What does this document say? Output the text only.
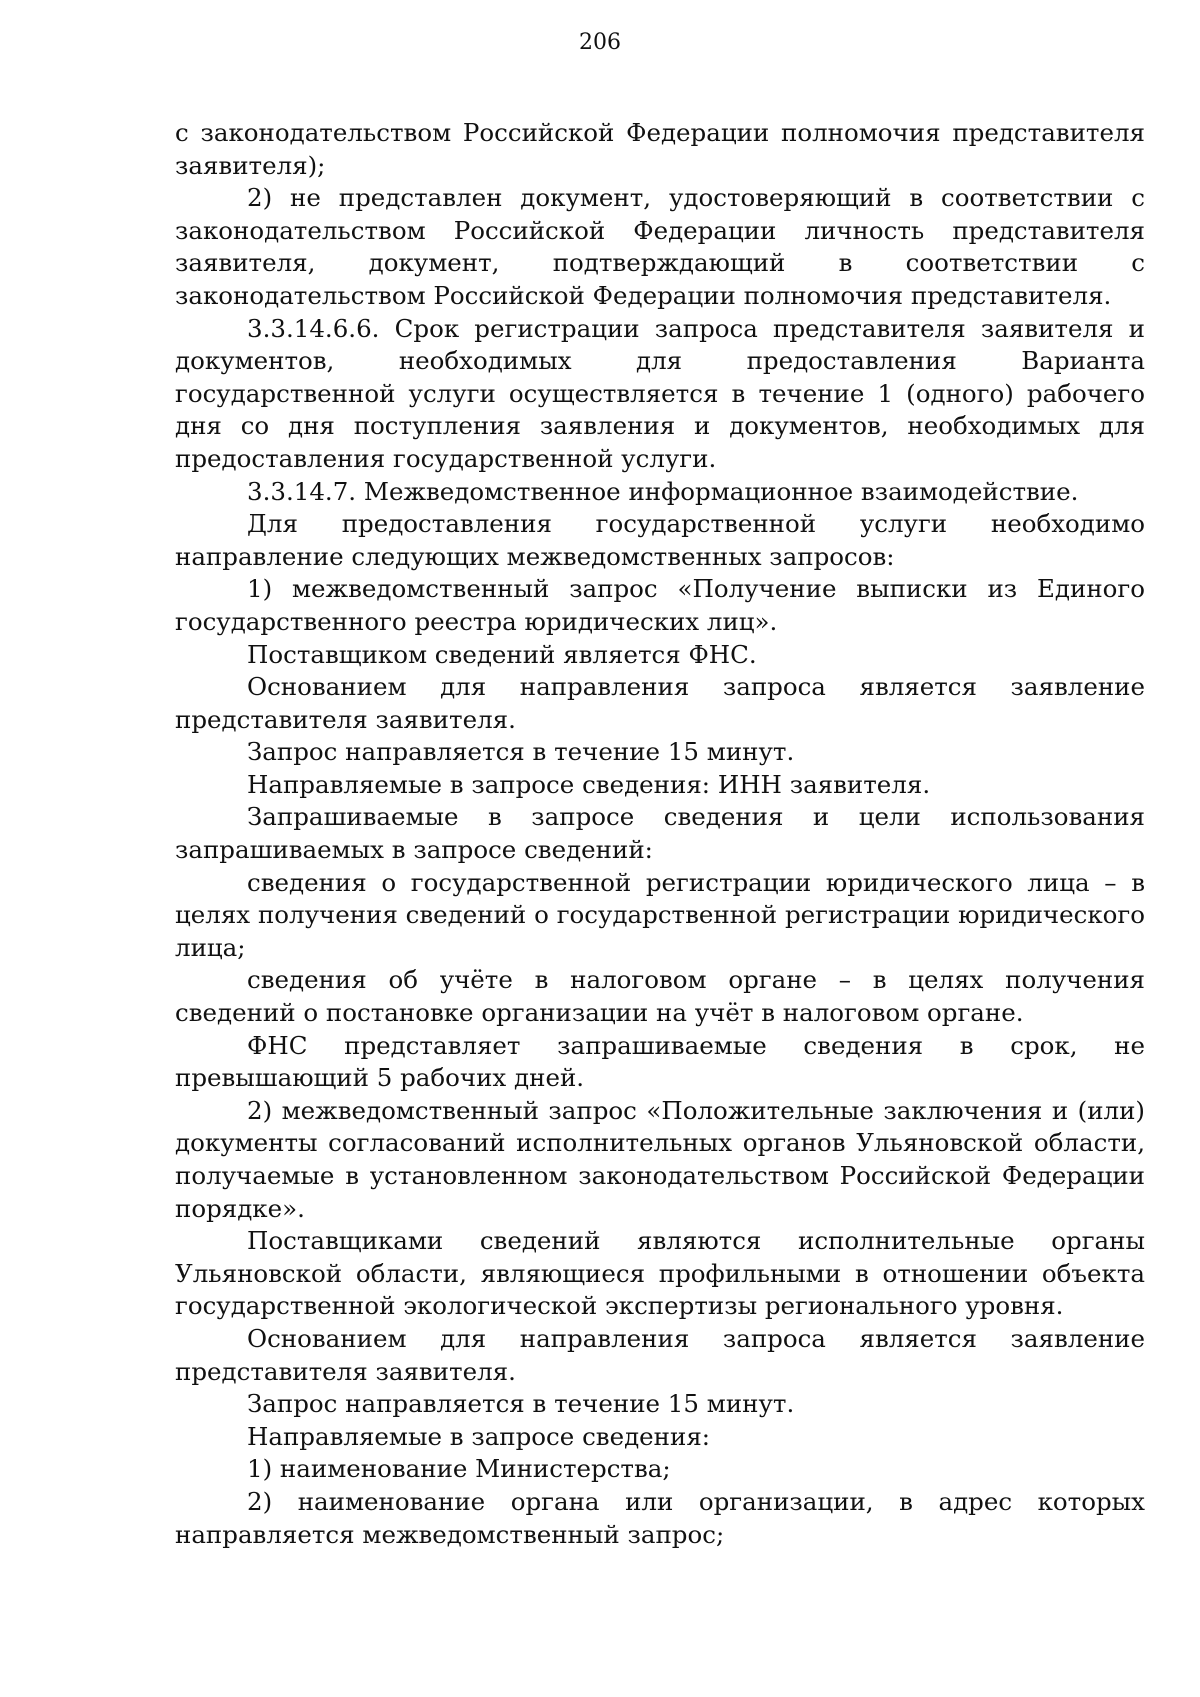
206

с законодательством Российской Федерации полномочия представителя заявителя);

2) не представлен документ, удостоверяющий в соответствии с законодательством Российской Федерации личность представителя заявителя, документ, подтверждающий в соответствии с законодательством Российской Федерации полномочия представителя.

3.3.14.6.6. Срок регистрации запроса представителя заявителя и документов, необходимых для предоставления Варианта государственной услуги осуществляется в течение 1 (одного) рабочего дня со дня поступления заявления и документов, необходимых для предоставления государственной услуги.

3.3.14.7. Межведомственное информационное взаимодействие.

Для предоставления государственной услуги необходимо направление следующих межведомственных запросов:

1) межведомственный запрос «Получение выписки из Единого государственного реестра юридических лиц».

Поставщиком сведений является ФНС.

Основанием для направления запроса является заявление представителя заявителя.

Запрос направляется в течение 15 минут.

Направляемые в запросе сведения: ИНН заявителя.

Запрашиваемые в запросе сведения и цели использования запрашиваемых в запросе сведений:

сведения о государственной регистрации юридического лица – в целях получения сведений о государственной регистрации юридического лица;

сведения об учёте в налоговом органе – в целях получения сведений о постановке организации на учёт в налоговом органе.

ФНС представляет запрашиваемые сведения в срок, не превышающий 5 рабочих дней.

2) межведомственный запрос «Положительные заключения и (или) документы согласований исполнительных органов Ульяновской области, получаемые в установленном законодательством Российской Федерации порядке».

Поставщиками сведений являются исполнительные органы Ульяновской области, являющиеся профильными в отношении объекта государственной экологической экспертизы регионального уровня.

Основанием для направления запроса является заявление представителя заявителя.

Запрос направляется в течение 15 минут.

Направляемые в запросе сведения:

1) наименование Министерства;

2) наименование органа или организации, в адрес которых направляется межведомственный запрос;
